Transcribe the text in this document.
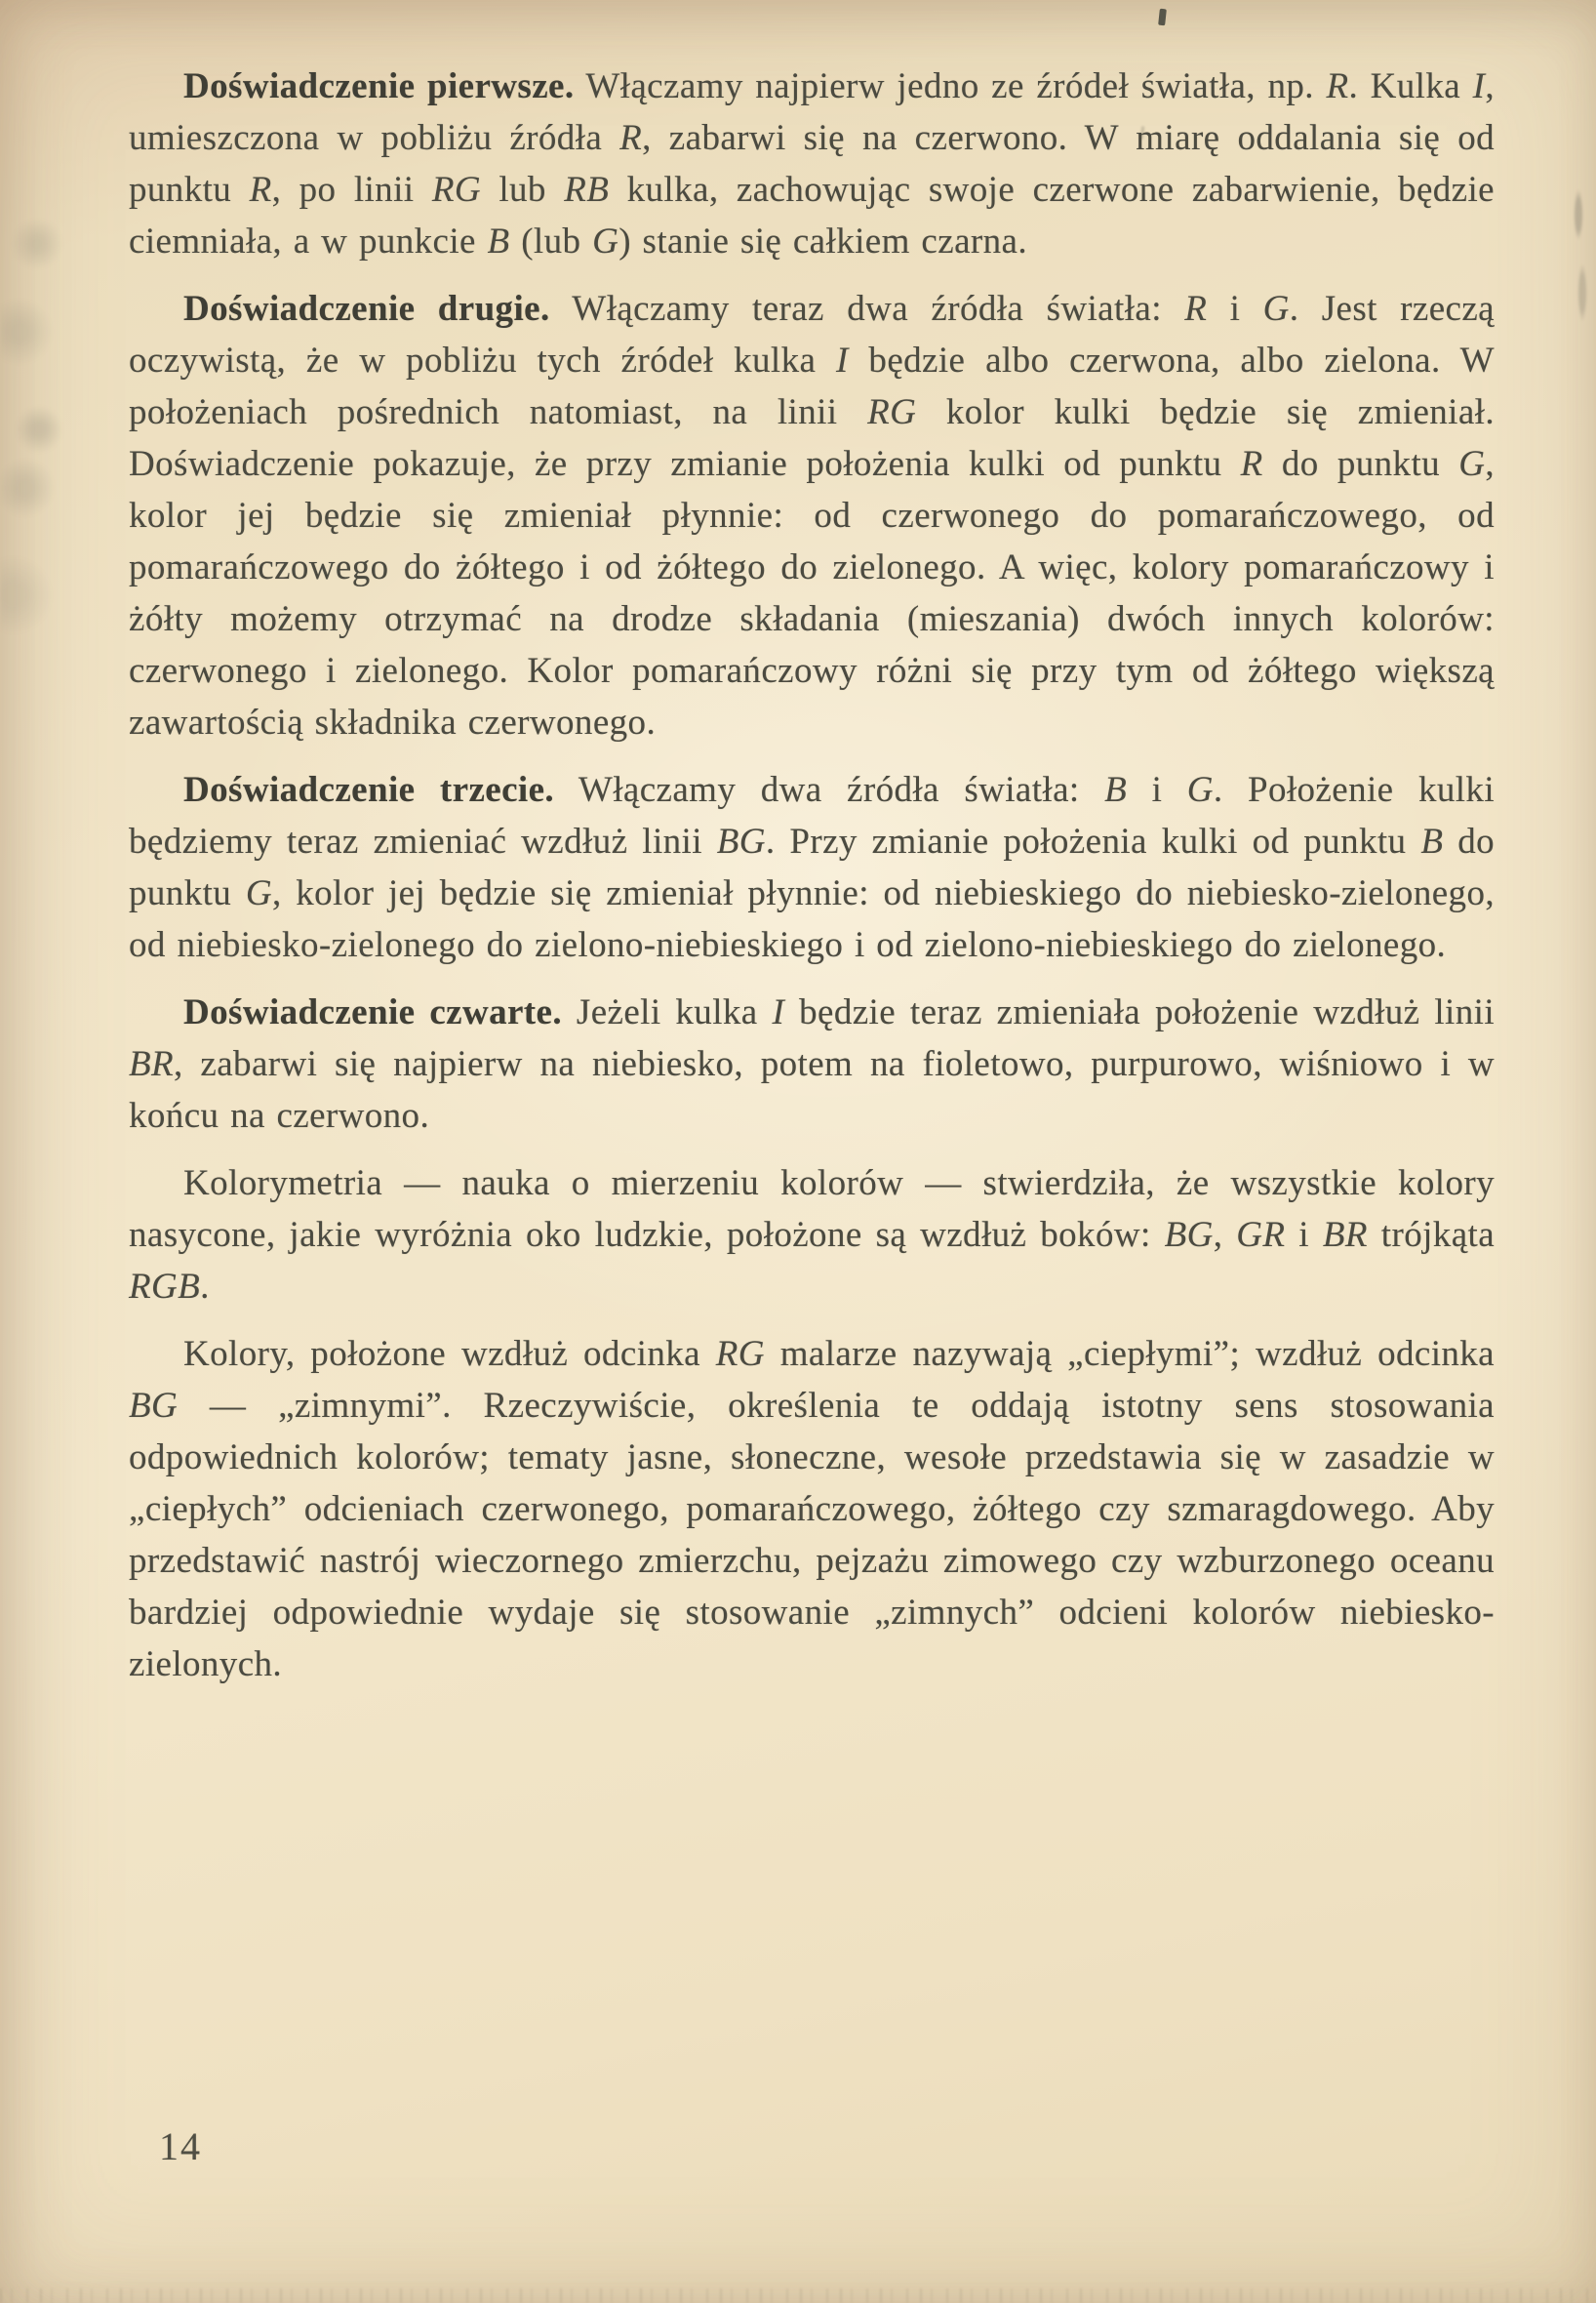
Doświadczenie pierwsze. Włączamy najpierw jedno ze źródeł światła, np. R. Kulka I, umieszczona w pobliżu źródła R, zabarwi się na czerwono. W miarę oddalania się od punktu R, po linii RG lub RB kulka, zachowując swoje czerwone zabarwienie, będzie ciemniała, a w punkcie B (lub G) stanie się całkiem czarna.

Doświadczenie drugie. Włączamy teraz dwa źródła światła: R i G. Jest rzeczą oczywistą, że w pobliżu tych źródeł kulka I będzie albo czerwona, albo zielona. W położeniach pośrednich natomiast, na linii RG kolor kulki będzie się zmieniał. Doświadczenie pokazuje, że przy zmianie położenia kulki od punktu R do punktu G, kolor jej będzie się zmieniał płynnie: od czerwonego do pomarańczowego, od pomarańczowego do żółtego i od żółtego do zielonego. A więc, kolory pomarańczowy i żółty możemy otrzymać na drodze składania (mieszania) dwóch innych kolorów: czerwonego i zielonego. Kolor pomarańczowy różni się przy tym od żółtego większą zawartością składnika czerwonego.

Doświadczenie trzecie. Włączamy dwa źródła światła: B i G. Położenie kulki będziemy teraz zmieniać wzdłuż linii BG. Przy zmianie położenia kulki od punktu B do punktu G, kolor jej będzie się zmieniał płynnie: od niebieskiego do niebiesko-zielonego, od niebiesko-zielonego do zielono-niebieskiego i od zielono-niebieskiego do zielonego.

Doświadczenie czwarte. Jeżeli kulka I będzie teraz zmieniała położenie wzdłuż linii BR, zabarwi się najpierw na niebiesko, potem na fioletowo, purpurowo, wiśniowo i w końcu na czerwono.

Kolorymetria — nauka o mierzeniu kolorów — stwierdziła, że wszystkie kolory nasycone, jakie wyróżnia oko ludzkie, położone są wzdłuż boków: BG, GR i BR trójkąta RGB.

Kolory, położone wzdłuż odcinka RG malarze nazywają „ciepłymi”; wzdłuż odcinka BG — „zimnymi”. Rzeczywiście, określenia te oddają istotny sens stosowania odpowiednich kolorów; tematy jasne, słoneczne, wesołe przedstawia się w zasadzie w „ciepłych” odcieniach czerwonego, pomarańczowego, żółtego czy szmaragdowego. Aby przedstawić nastrój wieczornego zmierzchu, pejzażu zimowego czy wzburzonego oceanu bardziej odpowiednie wydaje się stosowanie „zimnych” odcieni kolorów niebiesko-zielonych.

14
